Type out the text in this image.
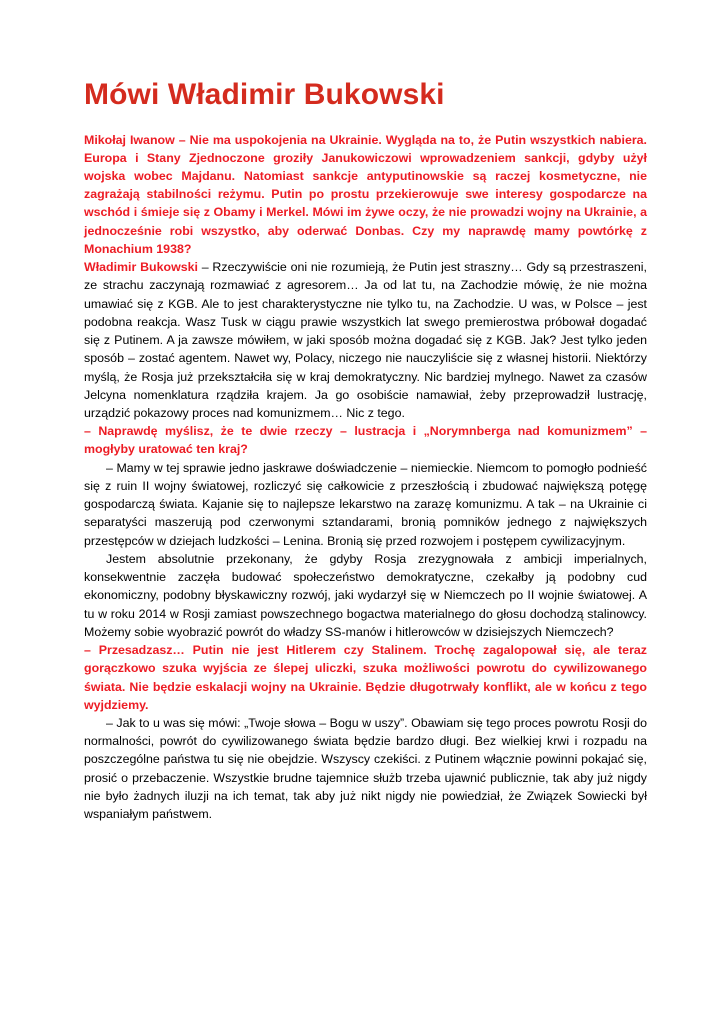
Mówi Władimir Bukowski

Mikołaj Iwanow – Nie ma uspokojenia na Ukrainie. Wygląda na to, że Putin wszystkich nabiera. Europa i Stany Zjednoczone groziły Janukowiczowi wprowadzeniem sankcji, gdyby użył wojska wobec Majdanu. Natomiast sankcje antyputinowskie są raczej kosmetyczne, nie zagrażają stabilności reżymu. Putin po prostu przekierowuje swe interesy gospodarcze na wschód i śmieje się z Obamy i Merkel. Mówi im żywe oczy, że nie prowadzi wojny na Ukrainie, a jednocześnie robi wszystko, aby oderwać Donbas. Czy my naprawdę mamy powtórkę z Monachium 1938?

Władimir Bukowski – Rzeczywiście oni nie rozumieją, że Putin jest straszny… Gdy są przestraszeni, ze strachu zaczynają rozmawiać z agresorem… Ja od lat tu, na Zachodzie mówię, że nie można umawiać się z KGB. Ale to jest charakterystyczne nie tylko tu, na Zachodzie. U was, w Polsce – jest podobna reakcja. Wasz Tusk w ciągu prawie wszystkich lat swego premierostwa próbował dogadać się z Putinem. A ja zawsze mówiłem, w jaki sposób można dogadać się z KGB. Jak? Jest tylko jeden sposób – zostać agentem. Nawet wy, Polacy, niczego nie nauczyliście się z własnej historii. Niektórzy myślą, że Rosja już przekształciła się w kraj demokratyczny. Nic bardziej mylnego. Nawet za czasów Jelcyna nomenklatura rządziła krajem. Ja go osobiście namawiał, żeby przeprowadził lustrację, urządzić pokazowy proces nad komunizmem… Nic z tego.

– Naprawdę myślisz, że te dwie rzeczy – lustracja i „Norymnberga nad komunizmem” – mogłyby uratować ten kraj?

– Mamy w tej sprawie jedno jaskrawe doświadczenie – niemieckie. Niemcom to pomogło podnieść się z ruin II wojny światowej, rozliczyć się całkowicie z przeszłością i zbudować największą potęgę gospodarczą świata. Kajanie się to najlepsze lekarstwo na zarazę komunizmu. A tak – na Ukrainie ci separatyści maszerują pod czerwonymi sztandarami, bronią pomników jednego z największych przestępców w dziejach ludzkości – Lenina. Bronią się przed rozwojem i postępem cywilizacyjnym.

Jestem absolutnie przekonany, że gdyby Rosja zrezygnowała z ambicji imperialnych, konsekwentnie zaczęła budować społeczeństwo demokratyczne, czekałby ją podobny cud ekonomiczny, podobny błyskawiczny rozwój, jaki wydarzył się w Niemczech po II wojnie światowej. A tu w roku 2014 w Rosji zamiast powszechnego bogactwa materialnego do głosu dochodzą stalinowcy. Możemy sobie wyobrazić powrót do władzy SS-manów i hitlerowców w dzisiejszych Niemczech?

– Przesadzasz… Putin nie jest Hitlerem czy Stalinem. Trochę zagalopował się, ale teraz gorączkowo szuka wyjścia ze ślepej uliczki, szuka możliwości powrotu do cywilizowanego świata. Nie będzie eskalacji wojny na Ukrainie. Będzie długotrwały konflikt, ale w końcu z tego wyjdziemy.

– Jak to u was się mówi: „Twoje słowa – Bogu w uszy”. Obawiam się tego proces powrotu Rosji do normalności, powrót do cywilizowanego świata będzie bardzo długi. Bez wielkiej krwi i rozpadu na poszczególne państwa tu się nie obejdzie. Wszyscy czekiści. z Putinem włącznie powinni pokajać się, prosić o przebaczenie. Wszystkie brudne tajemnice służb trzeba ujawnić publicznie, tak aby już nigdy nie było żadnych iluzji na ich temat, tak aby już nikt nigdy nie powiedział, że Związek Sowiecki był wspaniałym państwem.
